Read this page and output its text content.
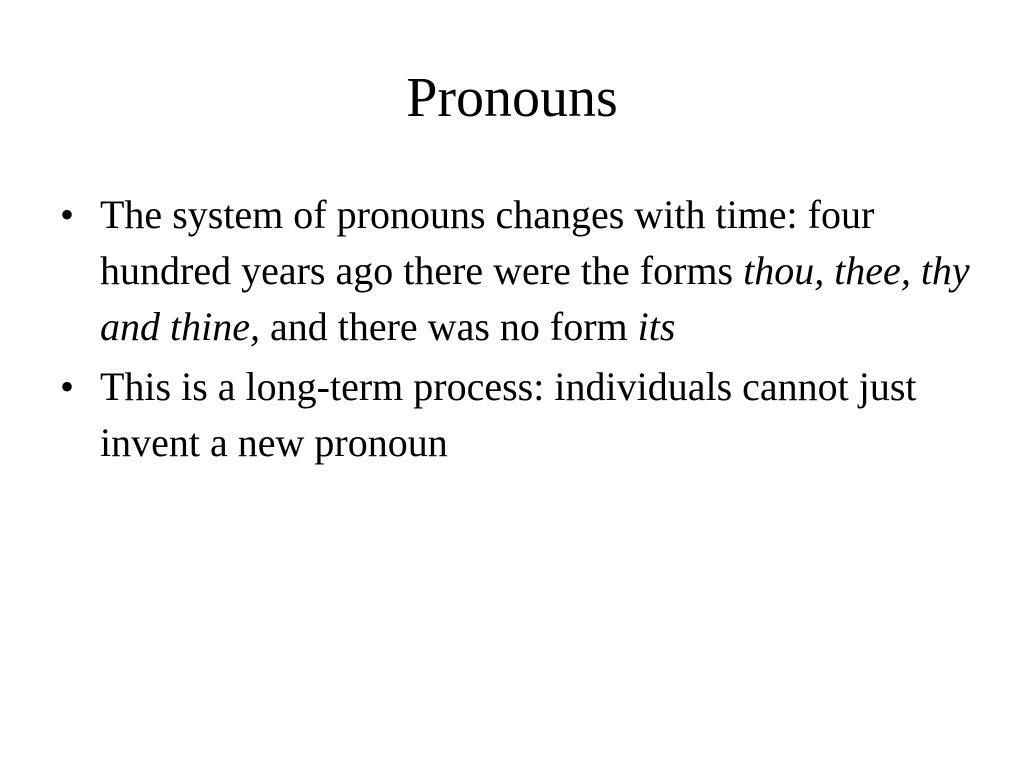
Pronouns
• The system of pronouns changes with time: four hundred years ago there were the forms thou, thee, thy and thine, and there was no form its
• This is a long-term process: individuals cannot just invent a new pronoun
